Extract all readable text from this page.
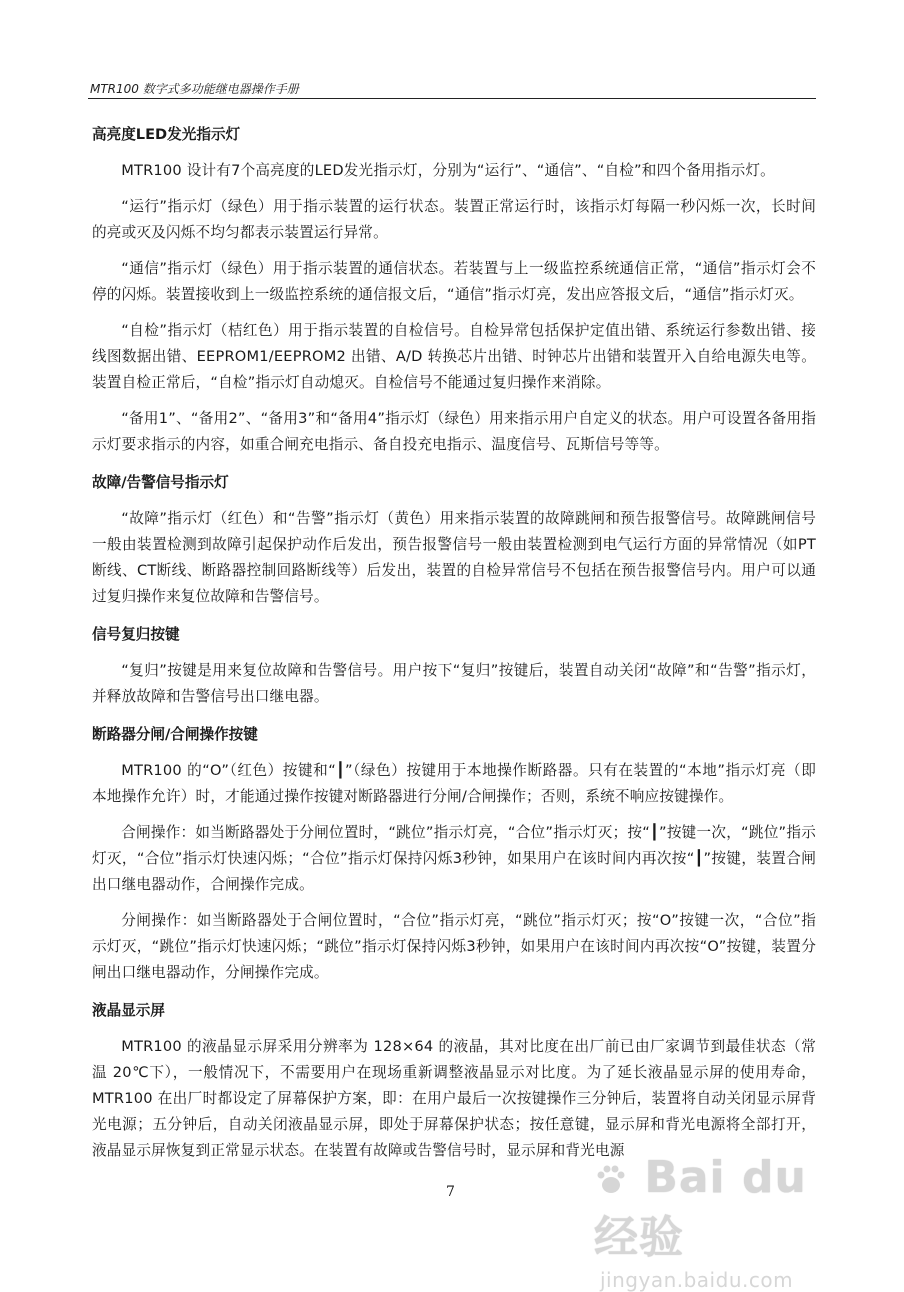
MTR100 数字式多功能继电器操作手册
高亮度LED发光指示灯
MTR100 设计有7个高亮度的LED发光指示灯，分别为“运行”、“通信”、“自检”和四个备用指示灯。
“运行”指示灯（绿色）用于指示装置的运行状态。装置正常运行时，该指示灯每隔一秒闪烁一次，长时间的亮或灭及闪烁不均匀都表示装置运行异常。
“通信”指示灯（绿色）用于指示装置的通信状态。若装置与上一级监控系统通信正常，“通信”指示灯会不停的闪烁。装置接收到上一级监控系统的通信报文后，“通信”指示灯亮，发出应答报文后，“通信”指示灯灭。
“自检”指示灯（桔红色）用于指示装置的自检信号。自检异常包括保护定值出错、系统运行参数出错、接线图数据出错、EEPROM1/EEPROM2 出错、A/D 转换芯片出错、时钟芯片出错和装置开入自给电源失电等。装置自检正常后，“自检”指示灯自动熄灭。自检信号不能通过复归操作来消除。
“备用1”、“备用2”、“备用3”和“备用4”指示灯（绿色）用来指示用户自定义的状态。用户可设置各备用指示灯要求指示的内容，如重合闸充电指示、备自投充电指示、温度信号、瓦斯信号等等。
故障/告警信号指示灯
“故障”指示灯（红色）和“告警”指示灯（黄色）用来指示装置的故障跳闸和预告报警信号。故障跳闸信号一般由装置检测到故障引起保护动作后发出，预告报警信号一般由装置检测到电气运行方面的异常情况（如PT断线、CT断线、断路器控制回路断线等）后发出，装置的自检异常信号不包括在预告报警信号内。用户可以通过复归操作来复位故障和告警信号。
信号复归按键
“复归”按键是用来复位故障和告警信号。用户按下“复归”按键后，装置自动关闭“故障”和“告警”指示灯，并释放故障和告警信号出口继电器。
断路器分闸/合闸操作按键
MTR100 的“O”（红色）按键和“┃”（绿色）按键用于本地操作断路器。只有在装置的“本地”指示灯亮（即本地操作允许）时，才能通过操作按键对断路器进行分闸/合闸操作；否则，系统不响应按键操作。
合闸操作：如当断路器处于分闸位置时，“跳位”指示灯亮，“合位”指示灯灭；按“┃”按键一次，“跳位”指示灯灭，“合位”指示灯快速闪烁；“合位”指示灯保持闪烁3秒钟，如果用户在该时间内再次按“┃”按键，装置合闸出口继电器动作，合闸操作完成。
分闸操作：如当断路器处于合闸位置时，“合位”指示灯亮，“跳位”指示灯灭；按“O”按键一次，“合位”指示灯灭，“跳位”指示灯快速闪烁；“跳位”指示灯保持闪烁3秒钟，如果用户在该时间内再次按“O”按键，装置分闸出口继电器动作，分闸操作完成。
液晶显示屏
MTR100 的液晶显示屏采用分辨率为 128×64 的液晶，其对比度在出厂前已由厂家调节到最佳状态（常温 20℃下），一般情况下，不需要用户在现场重新调整液晶显示对比度。为了延长液晶显示屏的使用寿命，MTR100 在出厂时都设定了屏幕保护方案，即：在用户最后一次按键操作三分钟后，装置将自动关闭显示屏背光电源；五分钟后，自动关闭液晶显示屏，即处于屏幕保护状态；按任意键，显示屏和背光电源将全部打开，液晶显示屏恢复到正常显示状态。在装置有故障或告警信号时，显示屏和背光电源
7	Bai du 经验
jingyan.baidu.com
